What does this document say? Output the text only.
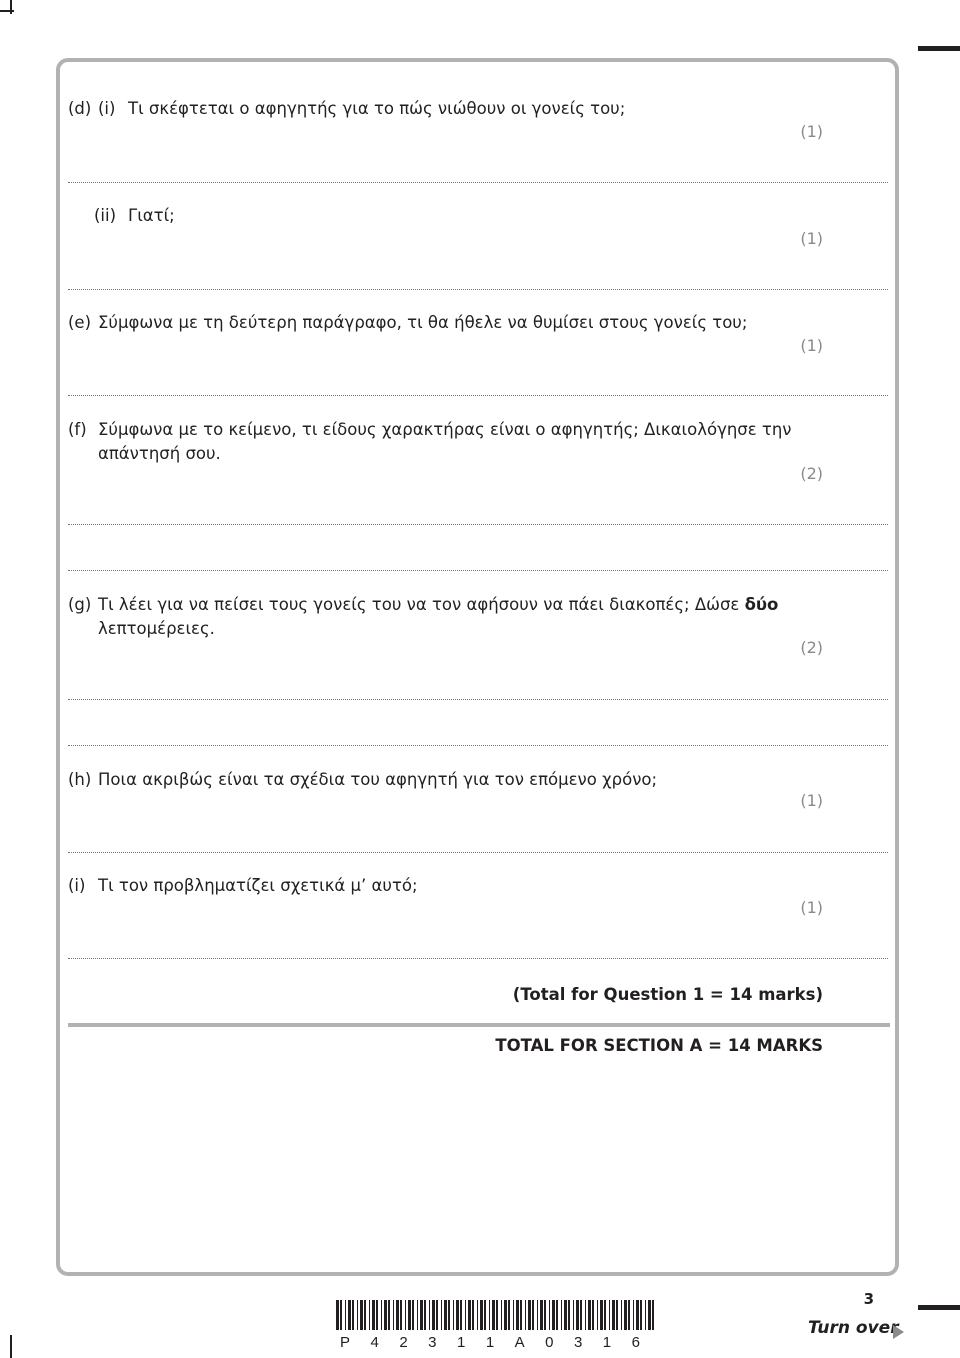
(d) (i) Τι σκέφτεται ο αφηγητής για το πώς νιώθουν οι γονείς του;
(1)
(ii) Γιατί;
(1)
(e) Σύμφωνα με τη δεύτερη παράγραφο, τι θα ήθελε να θυμίσει στους γονείς του;
(1)
(f) Σύμφωνα με το κείμενο, τι είδους χαρακτήρας είναι ο αφηγητής; Δικαιολόγησε την
απάντησή σου.
(2)
(g) Τι λέει για να πείσει τους γονείς του να τον αφήσουν να πάει διακοπές; Δώσε δύο
λεπτομέρειες.
(2)
(h) Ποια ακριβώς είναι τα σχέδια του αφηγητή για τον επόμενο χρόνο;
(1)
(i) Τι τον προβληματίζει σχετικά μ’ αυτό;
(1)
(Total for Question 1 = 14 marks)
TOTAL FOR SECTION A = 14 MARKS
P 4 2 3 1 1 A 0 3 1 6
3
Turn over
